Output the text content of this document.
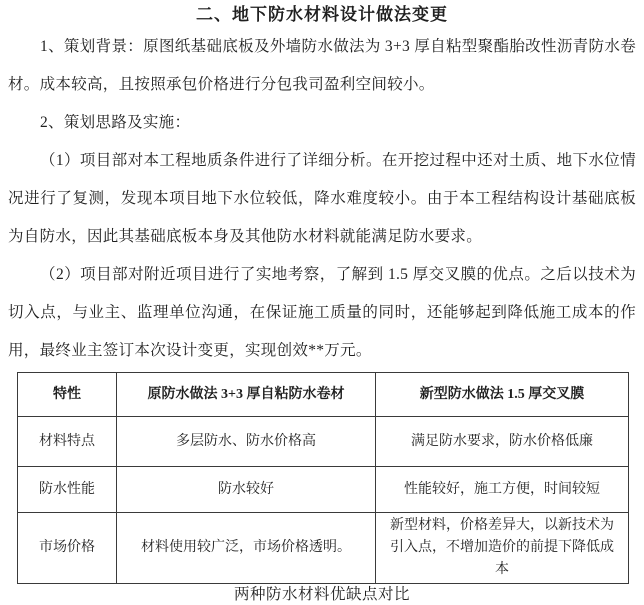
二、地下防水材料设计做法变更

1、策划背景：原图纸基础底板及外墙防水做法为 3+3 厚自粘型聚酯胎改性沥青防水卷材。成本较高，且按照承包价格进行分包我司盈利空间较小。

2、策划思路及实施：

（1）项目部对本工程地质条件进行了详细分析。在开挖过程中还对土质、地下水位情况进行了复测，发现本项目地下水位较低，降水难度较小。由于本工程结构设计基础底板为自防水，因此其基础底板本身及其他防水材料就能满足防水要求。

（2）项目部对附近项目进行了实地考察，了解到 1.5 厚交叉膜的优点。之后以技术为切入点，与业主、监理单位沟通，在保证施工质量的同时，还能够起到降低施工成本的作用，最终业主签订本次设计变更，实现创效**万元。

特性	原防水做法 3+3 厚自粘防水卷材	新型防水做法 1.5 厚交叉膜
材料特点	多层防水、防水价格高	满足防水要求，防水价格低廉
防水性能	防水较好	性能较好，施工方便，时间较短
市场价格	材料使用较广泛，市场价格透明。	新型材料，价格差异大，以新技术为引入点，不增加造价的前提下降低成本
两种防水材料优缺点对比
